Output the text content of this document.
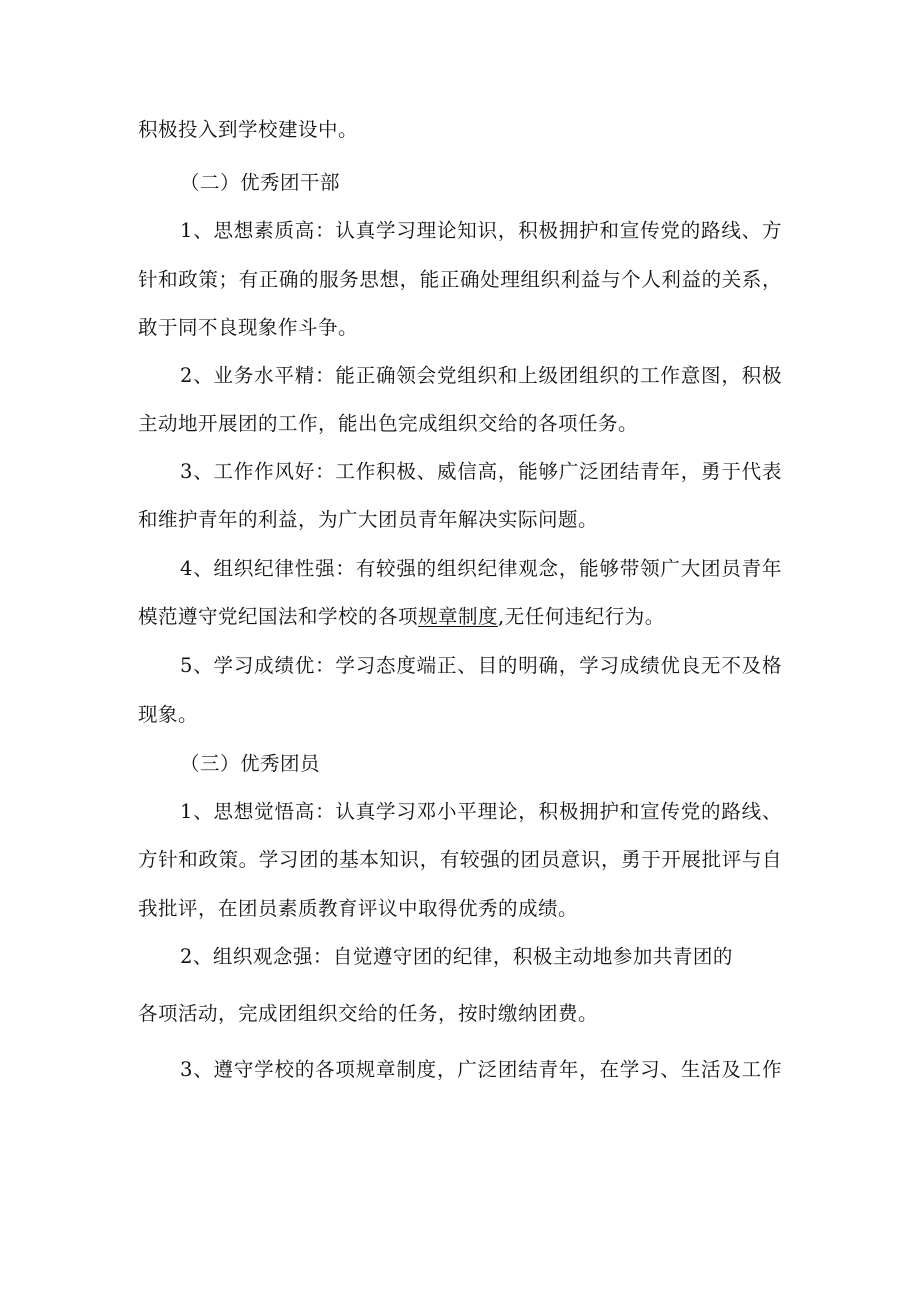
积极投入到学校建设中。
（二）优秀团干部
1、思想素质高：认真学习理论知识，积极拥护和宣传党的路线、方
针和政策；有正确的服务思想，能正确处理组织利益与个人利益的关系，
敢于同不良现象作斗争。
2、业务水平精：能正确领会党组织和上级团组织的工作意图，积极
主动地开展团的工作，能出色完成组织交给的各项任务。
3、工作作风好：工作积极、威信高，能够广泛团结青年，勇于代表
和维护青年的利益，为广大团员青年解决实际问题。
4、组织纪律性强：有较强的组织纪律观念，能够带领广大团员青年
模范遵守党纪国法和学校的各项规章制度,无任何违纪行为。
5、学习成绩优：学习态度端正、目的明确，学习成绩优良无不及格
现象。
（三）优秀团员
1、思想觉悟高：认真学习邓小平理论，积极拥护和宣传党的路线、
方针和政策。学习团的基本知识，有较强的团员意识，勇于开展批评与自
我批评，在团员素质教育评议中取得优秀的成绩。
2、组织观念强：自觉遵守团的纪律，积极主动地参加共青团的
各项活动，完成团组织交给的任务，按时缴纳团费。
3、遵守学校的各项规章制度，广泛团结青年，在学习、生活及工作
